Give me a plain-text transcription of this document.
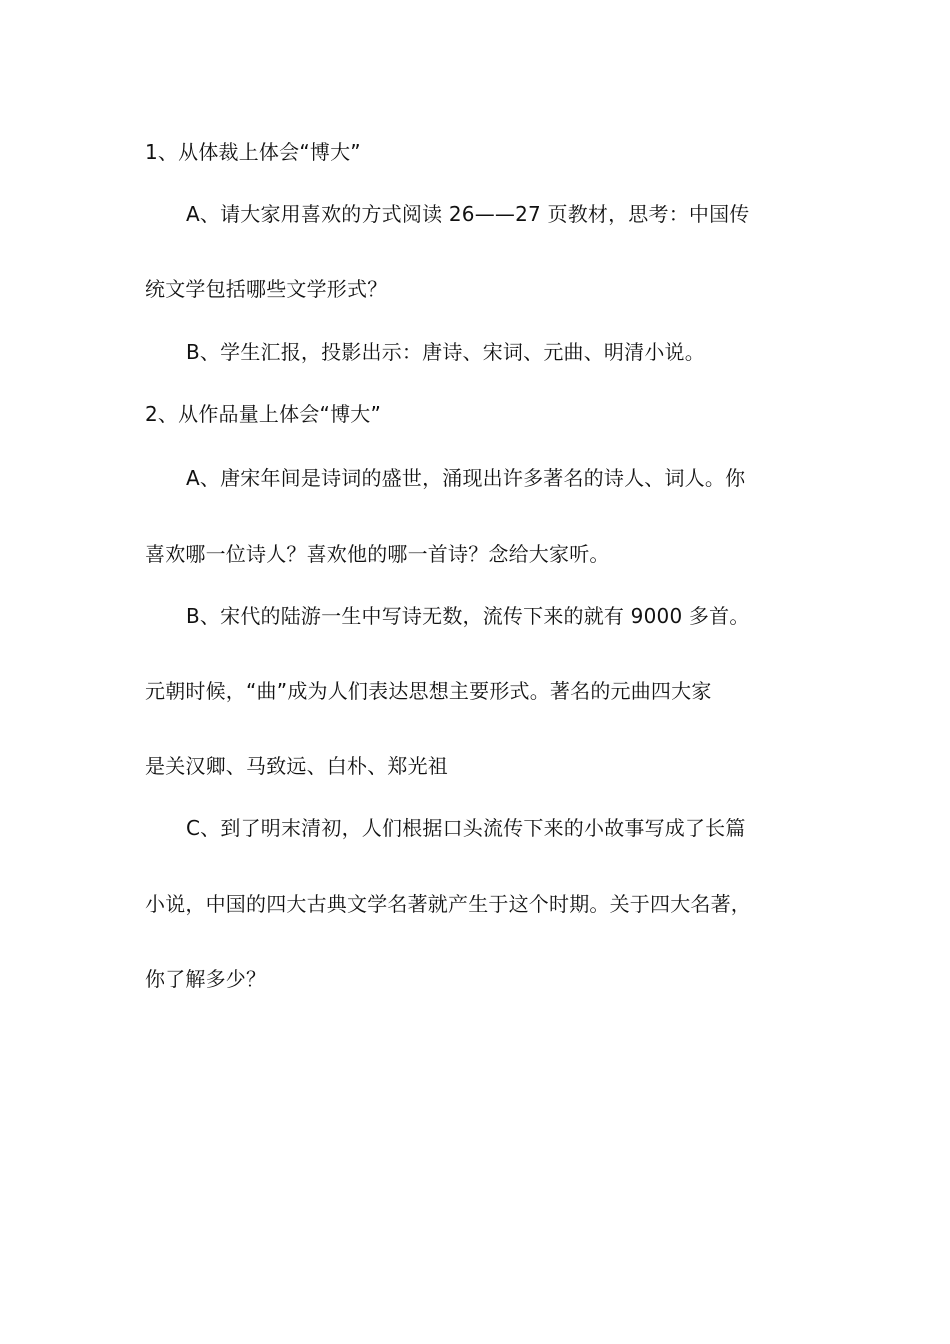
1、从体裁上体会“博大”
A、请大家用喜欢的方式阅读 26——27 页教材，思考：中国传
统文学包括哪些文学形式？
B、学生汇报，投影出示：唐诗、宋词、元曲、明清小说。
2、从作品量上体会“博大”
A、唐宋年间是诗词的盛世，涌现出许多著名的诗人、词人。你
喜欢哪一位诗人？喜欢他的哪一首诗？念给大家听。
B、宋代的陆游一生中写诗无数，流传下来的就有 9000 多首。
元朝时候，“曲”成为人们表达思想主要形式。著名的元曲四大家
是关汉卿、马致远、白朴、郑光祖
C、到了明末清初，人们根据口头流传下来的小故事写成了长篇
小说，中国的四大古典文学名著就产生于这个时期。关于四大名著，
你了解多少？
